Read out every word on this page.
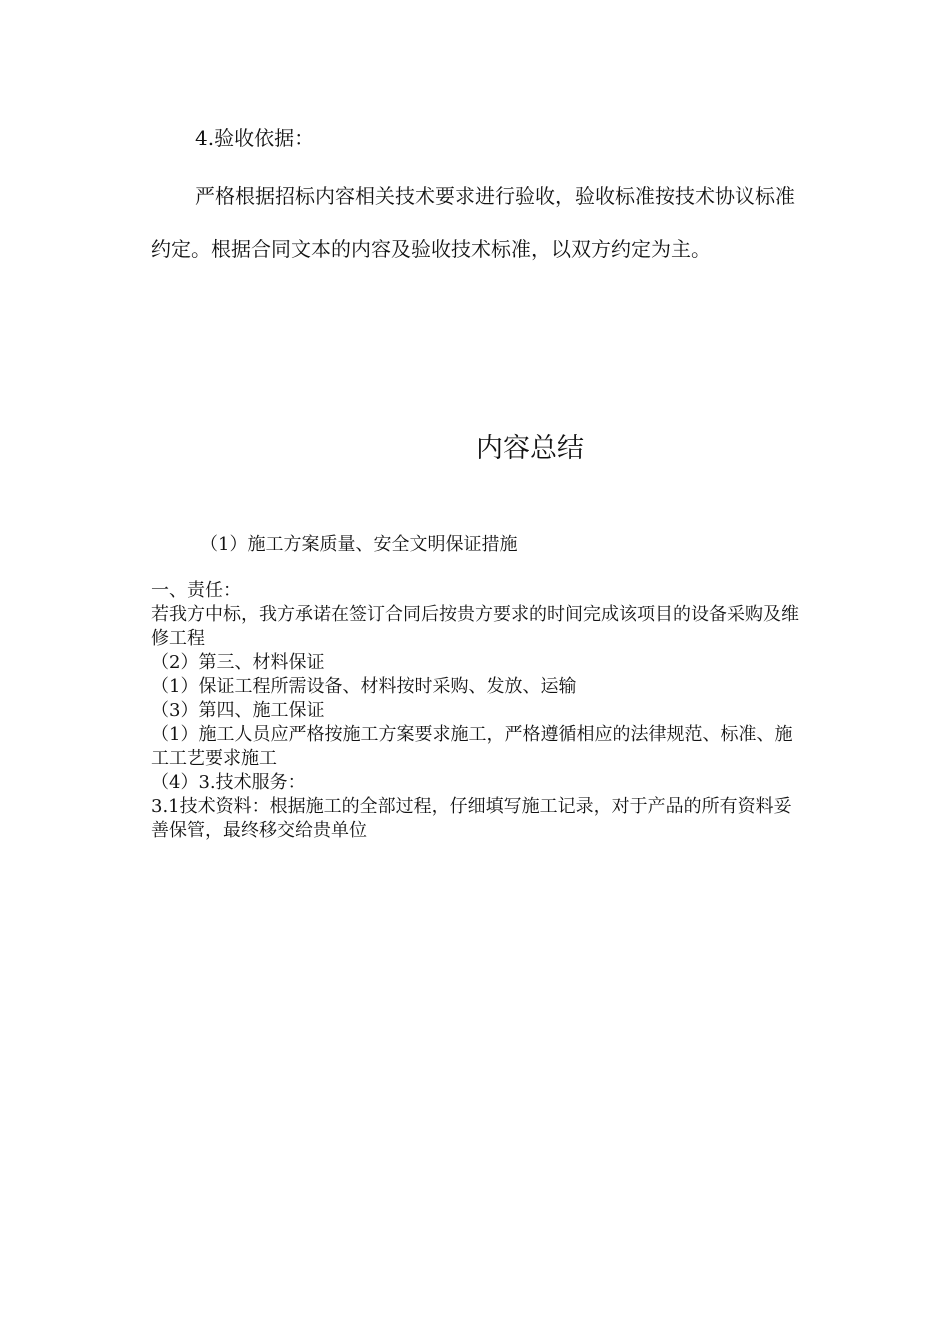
4.验收依据：
严格根据招标内容相关技术要求进行验收，验收标准按技术协议标准约定。根据合同文本的内容及验收技术标准，以双方约定为主。
内容总结
（1）施工方案质量、安全文明保证措施
一、责任：
若我方中标，我方承诺在签订合同后按贵方要求的时间完成该项目的设备采购及维修工程
（2）第三、材料保证
（1）保证工程所需设备、材料按时采购、发放、运输
（3）第四、施工保证
（1）施工人员应严格按施工方案要求施工，严格遵循相应的法律规范、标准、施工工艺要求施工
（4）3.技术服务：
3.1技术资料：根据施工的全部过程，仔细填写施工记录，对于产品的所有资料妥善保管，最终移交给贵单位
